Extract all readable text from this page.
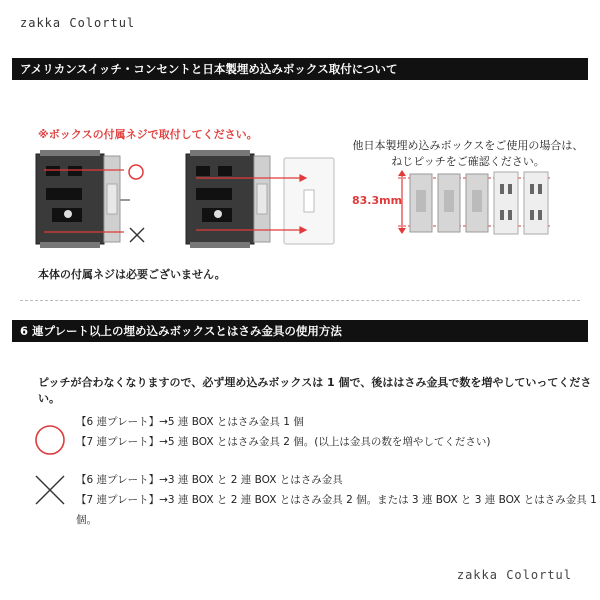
zakka Colortul
アメリカンスイッチ・コンセントと日本製埋め込みボックス取付について
※ボックスの付属ネジで取付してください。
83.3mm
他日本製埋め込みボックスをご使用の場合は、
ねじピッチをご確認ください。
本体の付属ネジは必要ございません。
6 連プレート以上の埋め込みボックスとはさみ金具の使用方法
ピッチが合わなくなりますので、必ず埋め込みボックスは 1 個で、後ははさみ金具で数を増やしていってください。
【6 連プレート】→5 連 BOX とはさみ金具 1 個
【7 連プレート】→5 連 BOX とはさみ金具 2 個。(以上は金具の数を増やしてください)
【6 連プレート】→3 連 BOX と 2 連 BOX とはさみ金具
【7 連プレート】→3 連 BOX と 2 連 BOX とはさみ金具 2 個。または 3 連 BOX と 3 連 BOX とはさみ金具 1 個。
zakka Colortul
